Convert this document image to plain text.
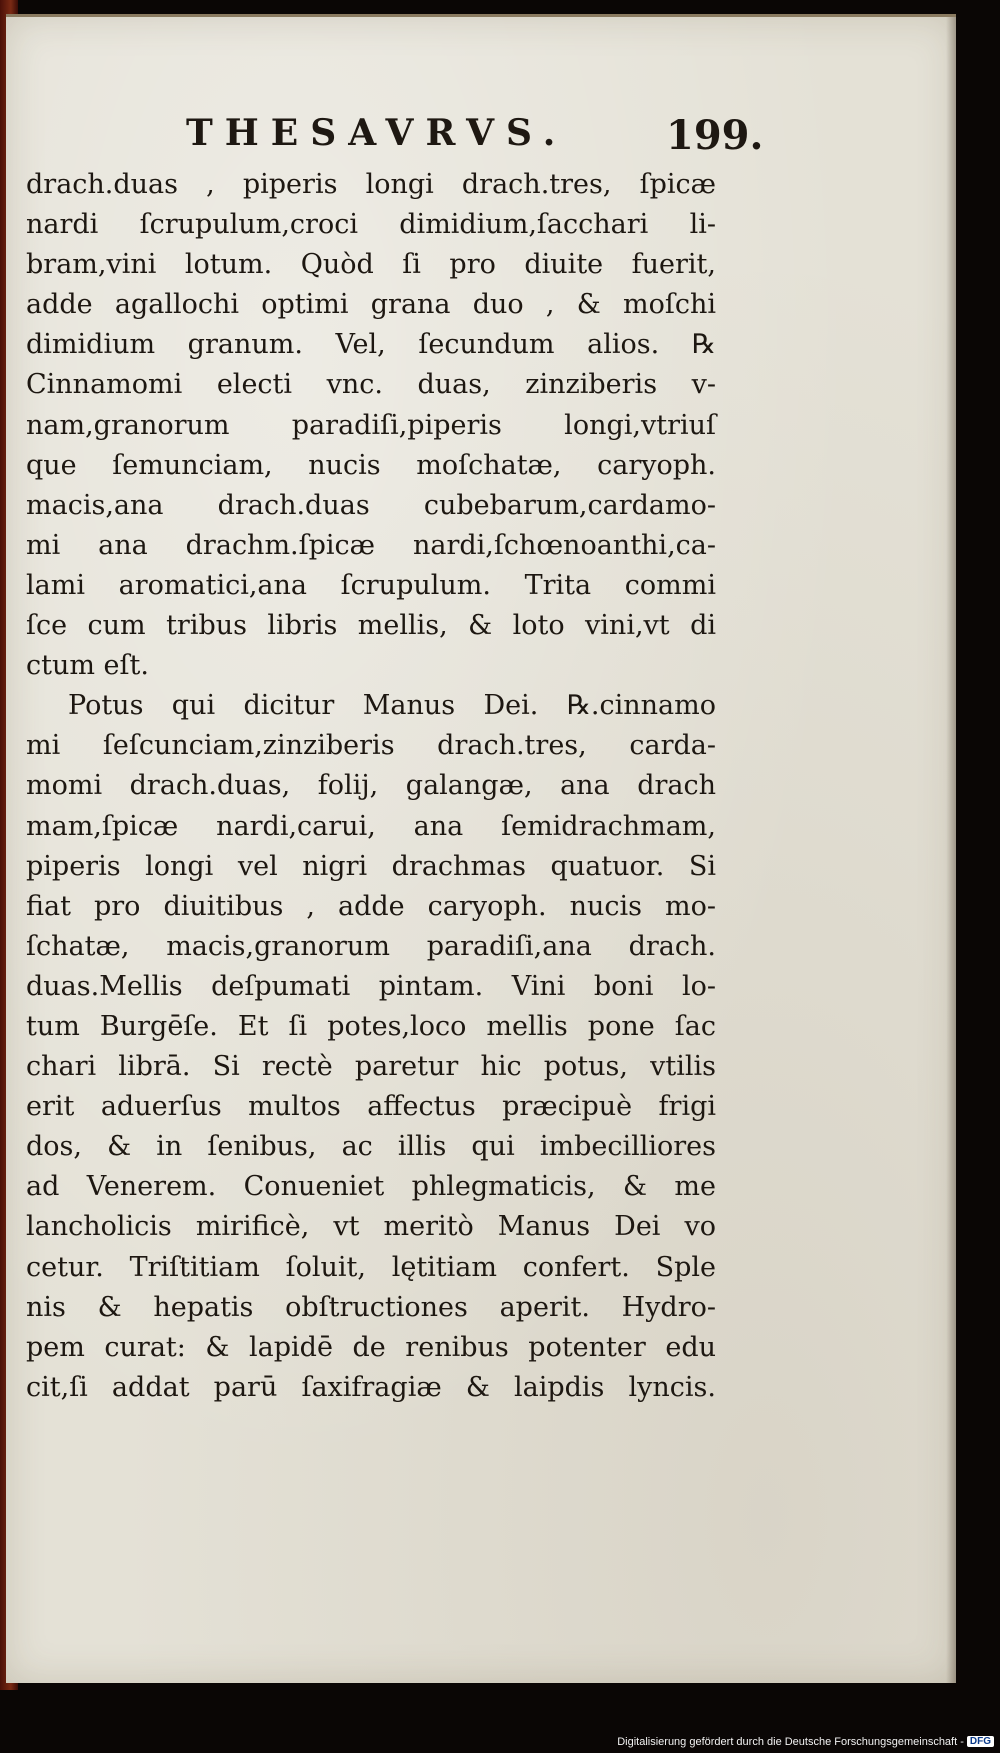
THESAVRVS.	199.
drach.duas , piperis longi drach.tres, ſpicæ
nardi ſcrupulum,croci dimidium,ſacchari li-
bram,vini lotum. Quòd ſi pro diuite fuerit,
adde agallochi optimi grana duo , & moſchi
dimidium granum. Vel, ſecundum alios. ℞
Cinnamomi electi vnc. duas, zinziberis v-
nam,granorum paradiſi,piperis longi,vtriuſ
que ſemunciam, nucis moſchatæ, caryoph.
macis,ana drach.duas cubebarum,cardamo-
mi ana drachm.ſpicæ nardi,ſchœnoanthi,ca-
lami aromatici,ana ſcrupulum. Trita commi
ſce cum tribus libris mellis, & loto vini,vt di
ctum eſt.
Potus qui dicitur Manus Dei. ℞.cinnamo
mi ſeſcunciam,zinziberis drach.tres, carda-
momi drach.duas, folij, galangæ, ana drach
mam,ſpicæ nardi,carui, ana ſemidrachmam,
piperis longi vel nigri drachmas quatuor. Si
fiat pro diuitibus , adde caryoph. nucis mo-
ſchatæ, macis,granorum paradiſi,ana drach.
duas.Mellis deſpumati pintam. Vini boni lo-
tum Burgēſe. Et ſi potes,loco mellis pone ſac
chari librā. Si rectè paretur hic potus, vtilis
erit aduerſus multos affectus præcipuè frigi
dos, & in ſenibus, ac illis qui imbecilliores
ad Venerem. Conueniet phlegmaticis, & me
lancholicis mirificè, vt meritò Manus Dei vo
cetur. Triſtitiam ſoluit, lętitiam confert. Sple
nis & hepatis obſtructiones aperit. Hydro-
pem curat: & lapidē de renibus potenter edu
cit,ſi addat parū ſaxifragiæ & laipdis lyncis.
Digitalisierung gefördert durch die Deutsche Forschungsgemeinschaft - DFG
